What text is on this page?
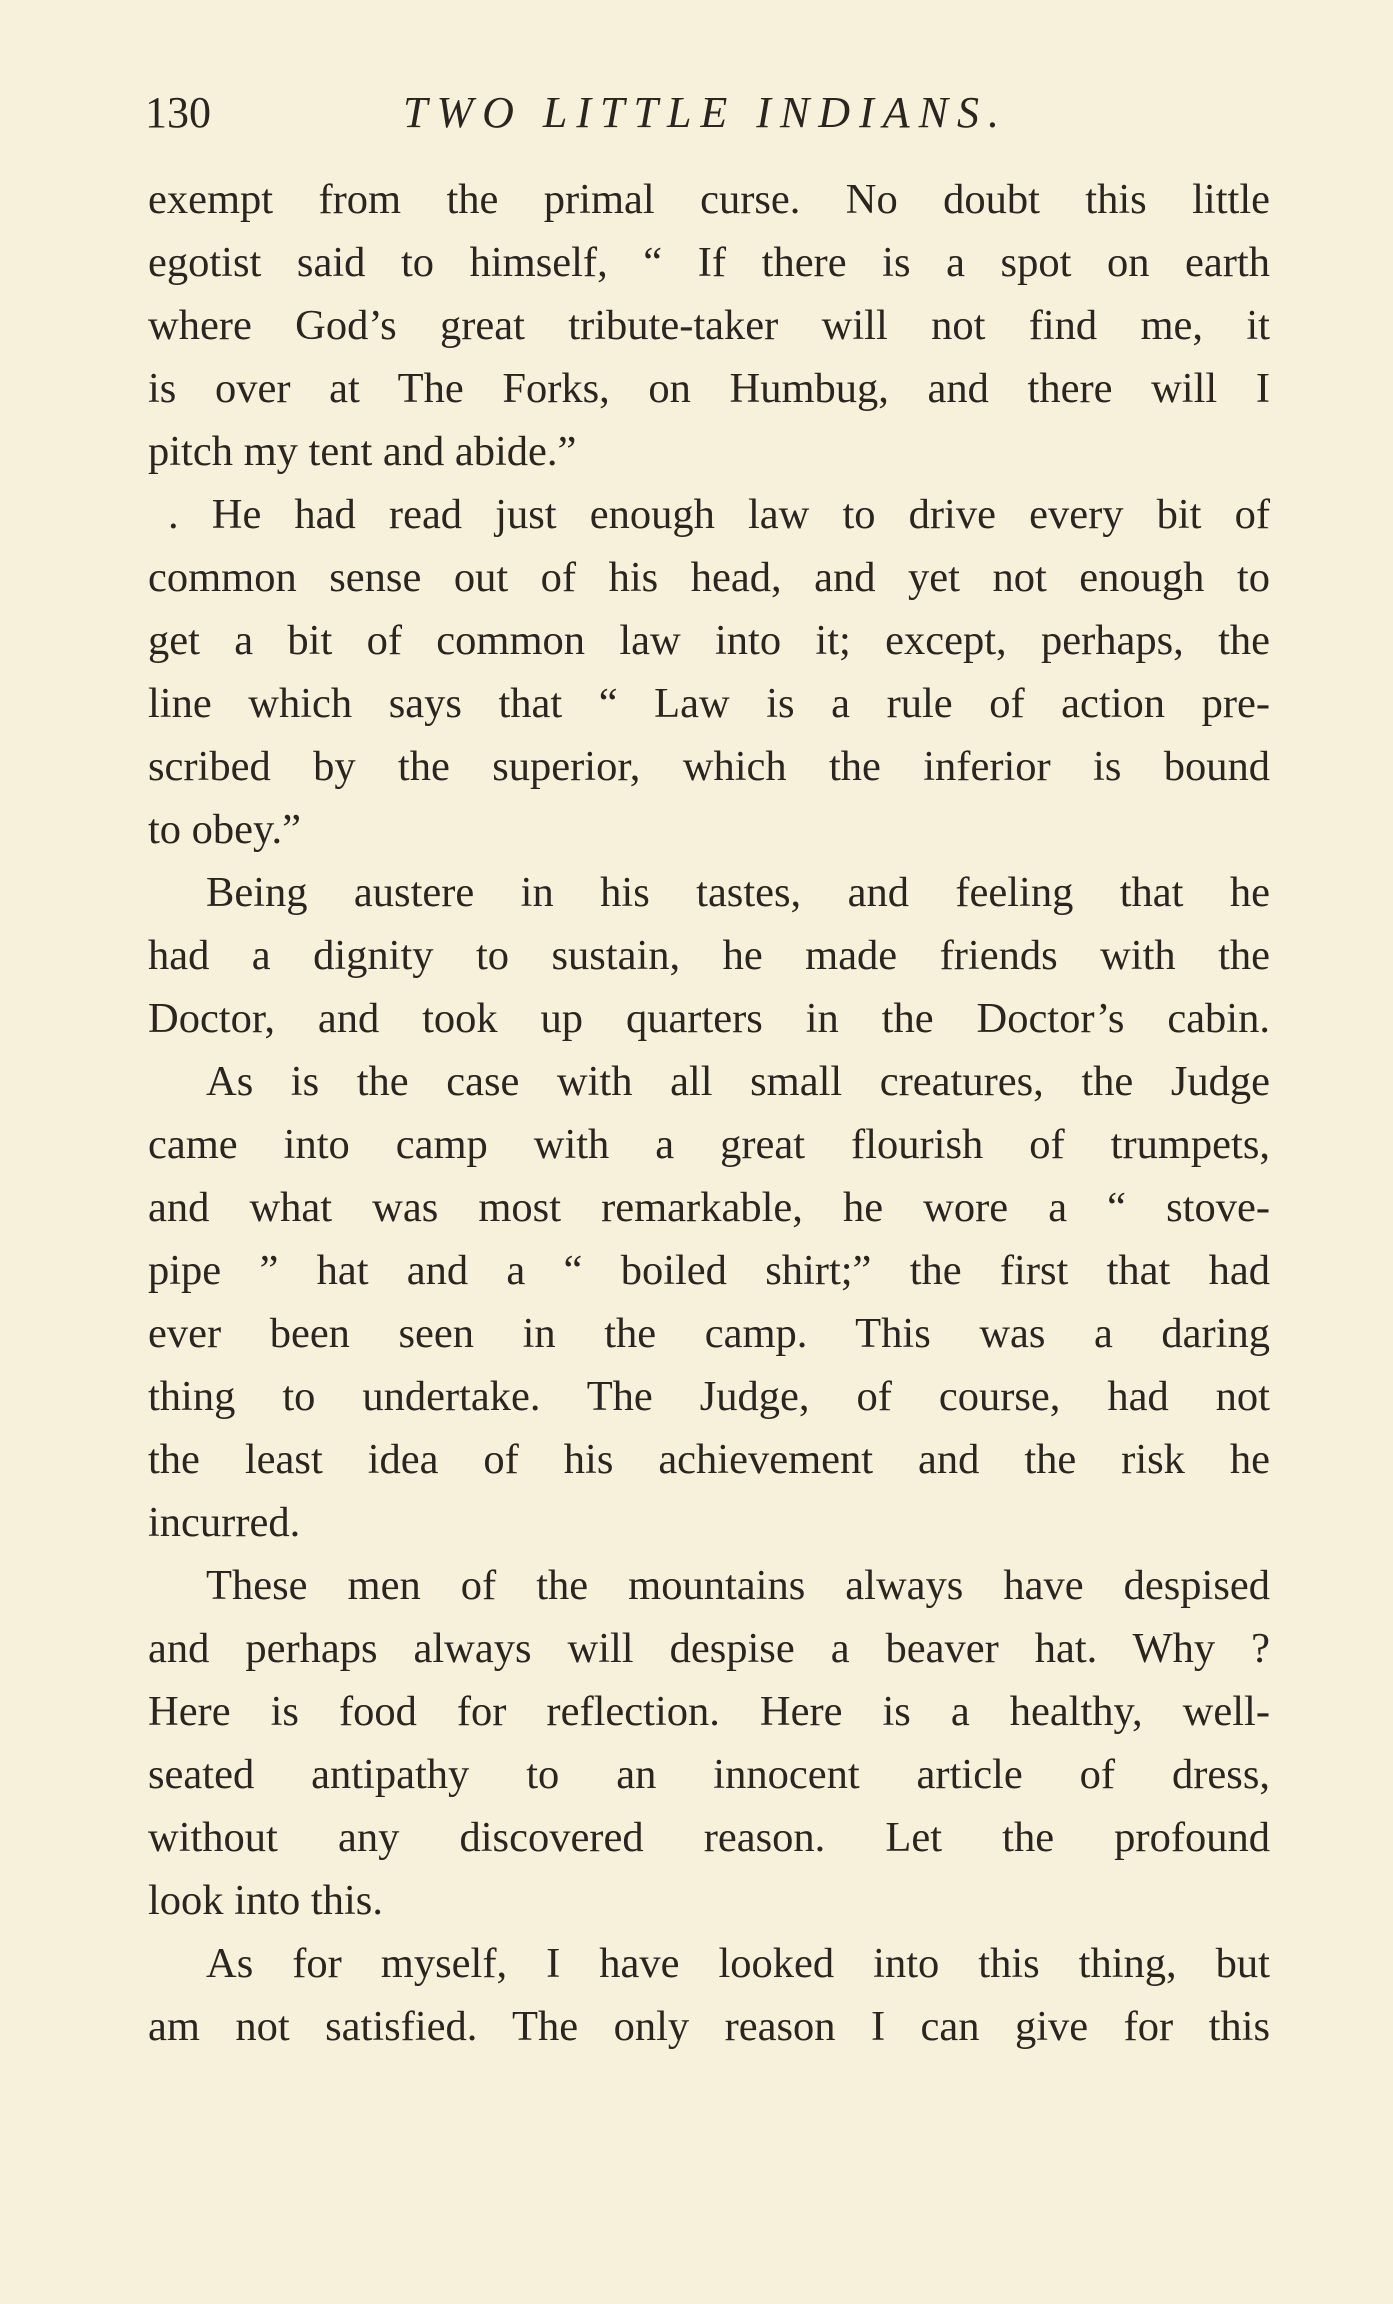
130	TWO LITTLE INDIANS.
exempt from the primal curse. No doubt this little
egotist said to himself, “ If there is a spot on earth
where God’s great tribute-taker will not find me, it
is over at The Forks, on Humbug, and there will I
pitch my tent and abide.”
. He had read just enough law to drive every bit of
common sense out of his head, and yet not enough to
get a bit of common law into it; except, perhaps, the
line which says that “ Law is a rule of action pre-
scribed by the superior, which the inferior is bound
to obey.”
Being austere in his tastes, and feeling that he
had a dignity to sustain, he made friends with the
Doctor, and took up quarters in the Doctor’s cabin.
As is the case with all small creatures, the Judge
came into camp with a great flourish of trumpets,
and what was most remarkable, he wore a “ stove-
pipe ” hat and a “ boiled shirt;” the first that had
ever been seen in the camp. This was a daring
thing to undertake. The Judge, of course, had not
the least idea of his achievement and the risk he
incurred.
These men of the mountains always have despised
and perhaps always will despise a beaver hat. Why ?
Here is food for reflection. Here is a healthy, well-
seated antipathy to an innocent article of dress,
without any discovered reason. Let the profound
look into this.
As for myself, I have looked into this thing, but
am not satisfied. The only reason I can give for this
